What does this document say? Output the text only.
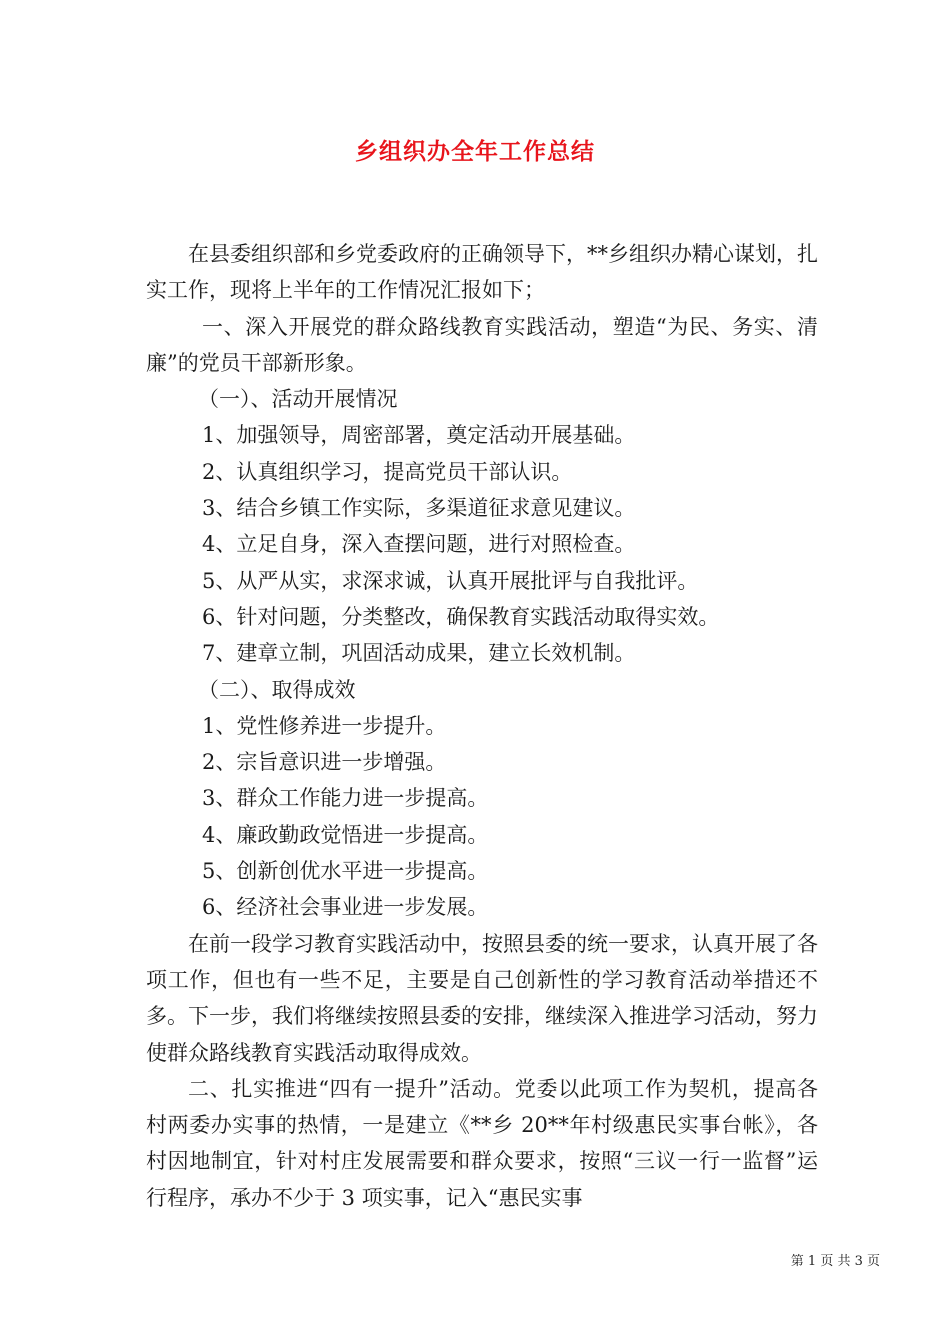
乡组织办全年工作总结

在县委组织部和乡党委政府的正确领导下，**乡组织办精心谋划，扎实工作，现将上半年的工作情况汇报如下；

一、深入开展党的群众路线教育实践活动，塑造“为民、务实、清廉”的党员干部新形象。

（一）、活动开展情况

1、加强领导，周密部署，奠定活动开展基础。

2、认真组织学习，提高党员干部认识。

3、结合乡镇工作实际，多渠道征求意见建议。

4、立足自身，深入查摆问题，进行对照检查。

5、从严从实，求深求诚，认真开展批评与自我批评。

6、针对问题，分类整改，确保教育实践活动取得实效。

7、建章立制，巩固活动成果，建立长效机制。

（二）、取得成效

1、党性修养进一步提升。

2、宗旨意识进一步增强。

3、群众工作能力进一步提高。

4、廉政勤政觉悟进一步提高。

5、创新创优水平进一步提高。

6、经济社会事业进一步发展。

在前一段学习教育实践活动中，按照县委的统一要求，认真开展了各项工作，但也有一些不足，主要是自己创新性的学习教育活动举措还不多。下一步，我们将继续按照县委的安排，继续深入推进学习活动，努力使群众路线教育实践活动取得成效。

二、扎实推进“四有一提升”活动。党委以此项工作为契机，提高各村两委办实事的热情，一是建立《**乡 20**年村级惠民实事台帐》，各村因地制宜，针对村庄发展需要和群众要求，按照“三议一行一监督”运行程序，承办不少于 3 项实事，记入“惠民实事

第 1 页 共 3 页
